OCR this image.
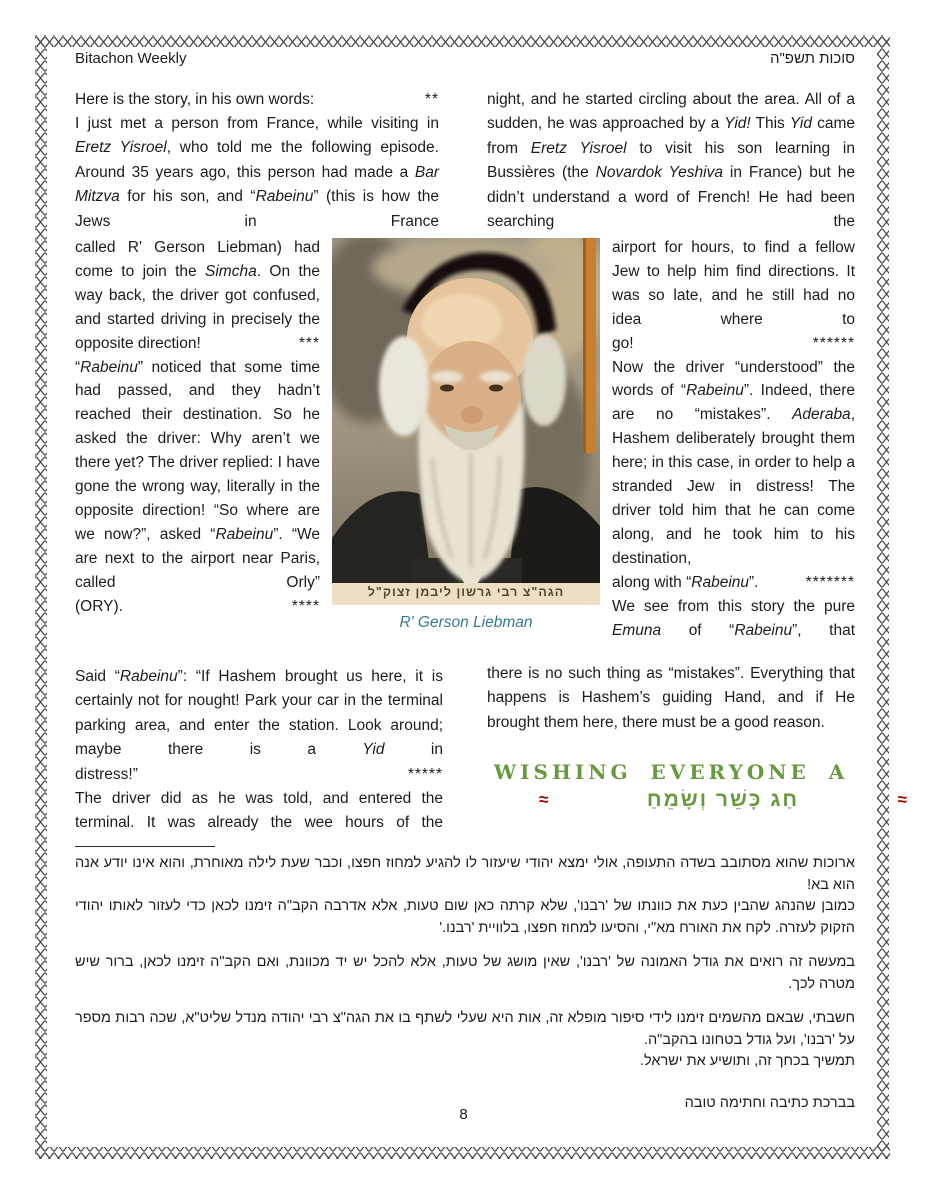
Bitachon Weekly	סוכות תשפ"ה
Here is the story, in his own words:	**
I just met a person from France, while visiting in Eretz Yisroel, who told me the following episode. Around 35 years ago, this person had made a Bar Mitzva for his son, and “Rabeinu” (this is how the Jews in France
night, and he started circling about the area. All of a sudden, he was approached by a Yid! This Yid came from Eretz Yisroel to visit his son learning in Bussières (the Novardok Yeshiva in France) but he didn’t understand a word of French! He had been searching the
called R' Gerson Liebman) had come to join the Simcha. On the way back, the driver got confused, and started driving in precisely the
opposite direction!	***
“Rabeinu” noticed that some time had passed, and they hadn’t reached their destination. So he asked the driver: Why aren’t we there yet? The driver replied: I have gone the wrong way, literally in the opposite direction! “So where are we now?”, asked “Rabeinu”. “We are next to the airport near Paris, called Orly”
(ORY).	****
airport for hours, to find a fellow Jew to help him find directions. It was so late, and he still had no idea where to
go!	******
Now the driver “understood” the words of “Rabeinu”. Indeed, there are no “mistakes”. Aderaba, Hashem deliberately brought them here; in this case, in order to help a stranded Jew in distress! The driver told him that he can come along, and he took him to his destination,
along with “Rabeinu”.	*******
We see from this story the pure Emuna of “Rabeinu”, that
הגה"צ רבי גרשון ליבמן זצוק"ל
R' Gerson Liebman
Said “Rabeinu”: “If Hashem brought us here, it is certainly not for nought! Park your car in the terminal parking area, and enter the station. Look around; maybe there is a Yid in
distress!”	*****
The driver did as he was told, and entered the terminal. It was already the wee hours of the
there is no such thing as “mistakes”. Everything that happens is Hashem’s guiding Hand, and if He brought them here, there must be a good reason.
WISHING EVERYONE A
≈	חַג כָּשֵׁר וְשָׂמֵחַ	≈
ארוכות שהוא מסתובב בשדה התעופה, אולי ימצא יהודי שיעזור לו להגיע למחוז חפצו, וכבר שעת לילה מאוחרת, והוא אינו יודע אנה הוא בא!
כמובן שהנהג שהבין כעת את כוונתו של 'רבנו', שלא קרתה כאן שום טעות, אלא אדרבה הקב"ה זימנו לכאן כדי לעזור לאותו יהודי הזקוק לעזרה. לקח את האורח מא"י, והסיעו למחוז חפצו, בלוויית 'רבנו.'
במעשה זה רואים את גודל האמונה של 'רבנו', שאין מושג של טעות, אלא להכל יש יד מכוונת, ואם הקב"ה זימנו לכאן, ברור שיש מטרה לכך.
חשבתי, שבאם מהשמים זימנו לידי סיפור מופלא זה, אות היא שעלי לשתף בו את הגה"צ רבי יהודה מנדל שליט"א, שכה רבות מספר על 'רבנו', ועל גודל בטחונו בהקב"ה.
תמשיך בכחך זה, ותושיע את ישראל.
בברכת כתיבה וחתימה טובה
8
